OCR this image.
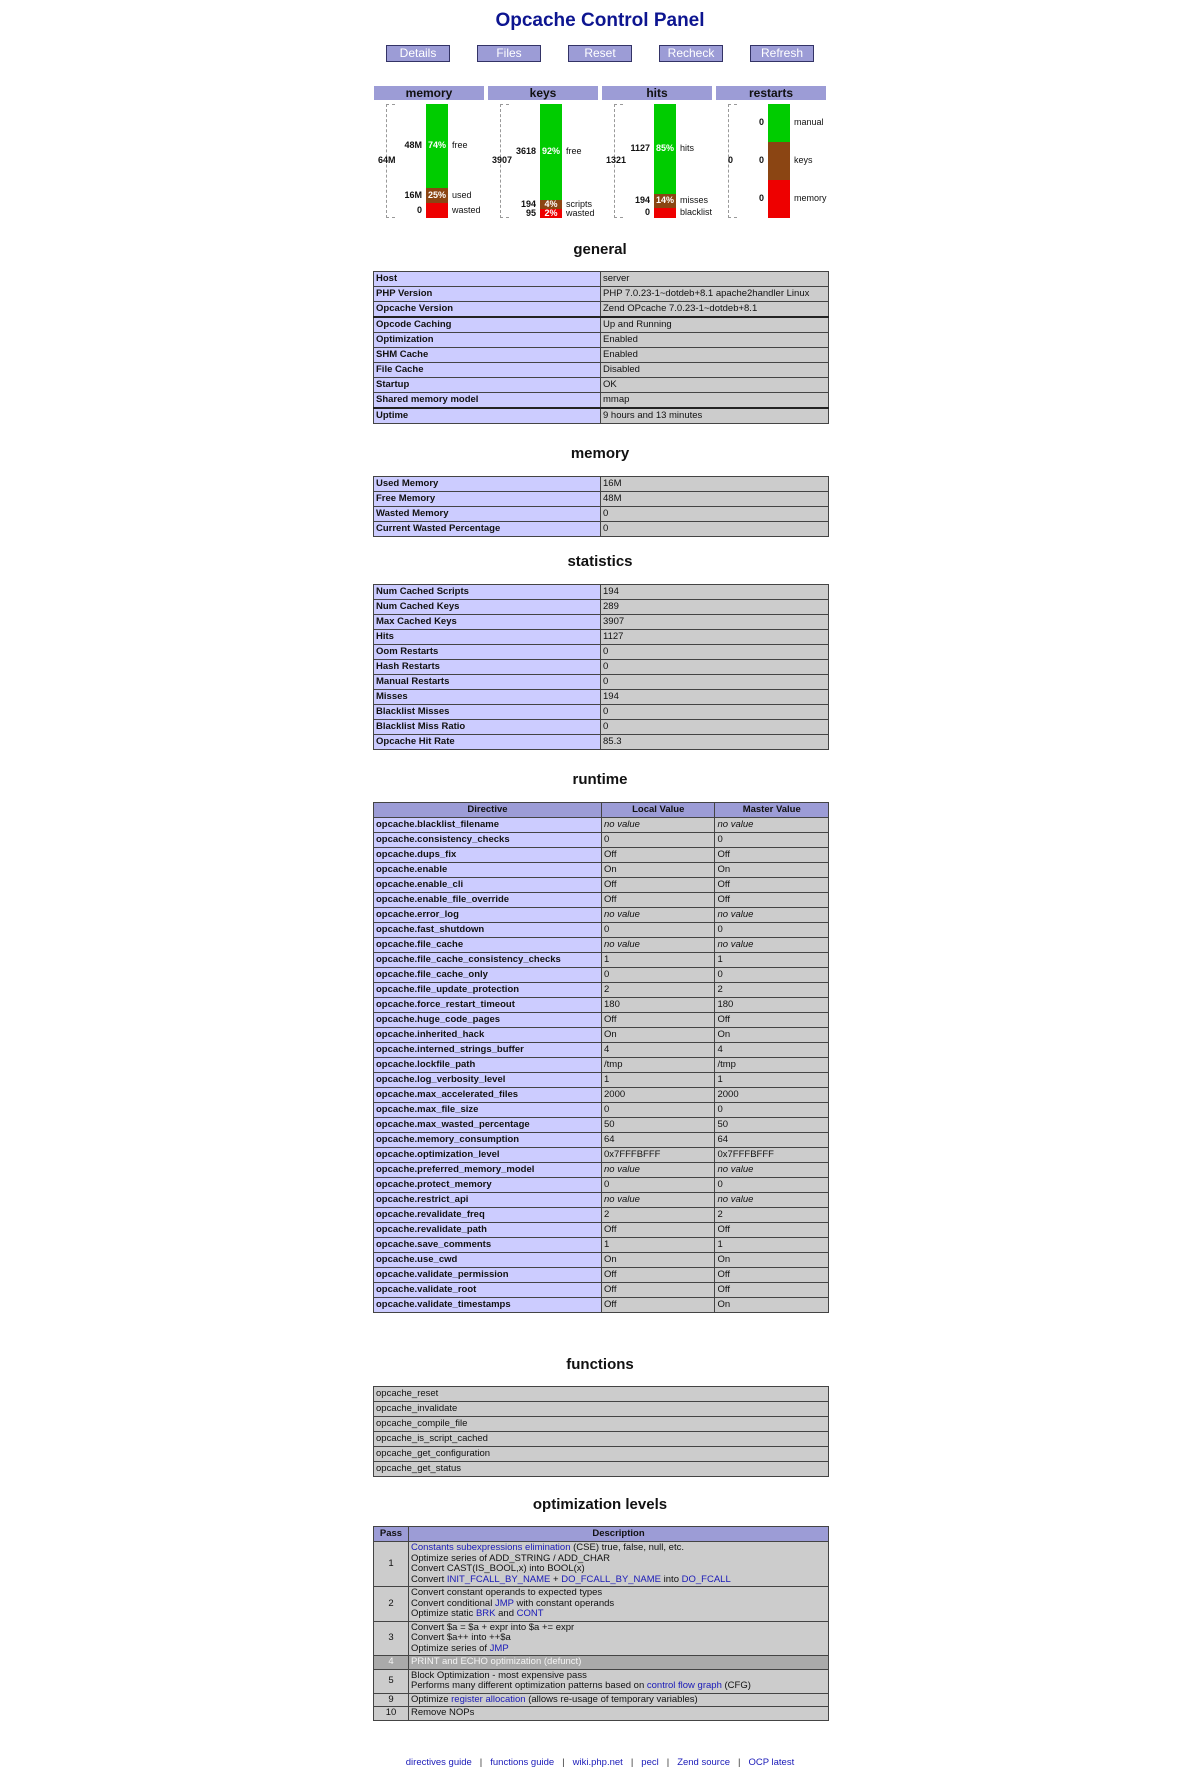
Opcache Control Panel
Details	Files	Reset	Recheck	Refresh
memory
64M
48M	free
16M	used
0	wasted
74%
25%
keys
3907
3618	free
194	scripts
95	wasted
92%
4%
2%
hits
1321
1127	hits
194	misses
0	blacklist
85%
14%
restarts
0
0	manual
0	keys
0	memory
general
Host	server
PHP Version	PHP 7.0.23-1~dotdeb+8.1 apache2handler Linux
Opcache Version	Zend OPcache 7.0.23-1~dotdeb+8.1
Opcode Caching	Up and Running
Optimization	Enabled
SHM Cache	Enabled
File Cache	Disabled
Startup	OK
Shared memory model	mmap
Uptime	9 hours and 13 minutes
memory
Used Memory	16M
Free Memory	48M
Wasted Memory	0
Current Wasted Percentage	0
statistics
Num Cached Scripts	194
Num Cached Keys	289
Max Cached Keys	3907
Hits	1127
Oom Restarts	0
Hash Restarts	0
Manual Restarts	0
Misses	194
Blacklist Misses	0
Blacklist Miss Ratio	0
Opcache Hit Rate	85.3
runtime
Directive	Local Value	Master Value
opcache.blacklist_filename	no value	no value
opcache.consistency_checks	0	0
opcache.dups_fix	Off	Off
opcache.enable	On	On
opcache.enable_cli	Off	Off
opcache.enable_file_override	Off	Off
opcache.error_log	no value	no value
opcache.fast_shutdown	0	0
opcache.file_cache	no value	no value
opcache.file_cache_consistency_checks	1	1
opcache.file_cache_only	0	0
opcache.file_update_protection	2	2
opcache.force_restart_timeout	180	180
opcache.huge_code_pages	Off	Off
opcache.inherited_hack	On	On
opcache.interned_strings_buffer	4	4
opcache.lockfile_path	/tmp	/tmp
opcache.log_verbosity_level	1	1
opcache.max_accelerated_files	2000	2000
opcache.max_file_size	0	0
opcache.max_wasted_percentage	50	50
opcache.memory_consumption	64	64
opcache.optimization_level	0x7FFFBFFF	0x7FFFBFFF
opcache.preferred_memory_model	no value	no value
opcache.protect_memory	0	0
opcache.restrict_api	no value	no value
opcache.revalidate_freq	2	2
opcache.revalidate_path	Off	Off
opcache.save_comments	1	1
opcache.use_cwd	On	On
opcache.validate_permission	Off	Off
opcache.validate_root	Off	Off
opcache.validate_timestamps	Off	On
functions
opcache_reset
opcache_invalidate
opcache_compile_file
opcache_is_script_cached
opcache_get_configuration
opcache_get_status
optimization levels
Pass	Description
1	Constants subexpressions elimination (CSE) true, false, null, etc.
Optimize series of ADD_STRING / ADD_CHAR
Convert CAST(IS_BOOL,x) into BOOL(x)
Convert INIT_FCALL_BY_NAME + DO_FCALL_BY_NAME into DO_FCALL

2	Convert constant operands to expected types
Convert conditional JMP with constant operands
Optimize static BRK and CONT

3	Convert $a = $a + expr into $a += expr
Convert $a++ into ++$a
Optimize series of JMP

4	PRINT and ECHO optimization (defunct)

5	Block Optimization - most expensive pass
Performs many different optimization patterns based on control flow graph (CFG)

9	Optimize register allocation (allows re-usage of temporary variables)

10	Remove NOPs
directives guide | functions guide | wiki.php.net | pecl | Zend source | OCP latest
